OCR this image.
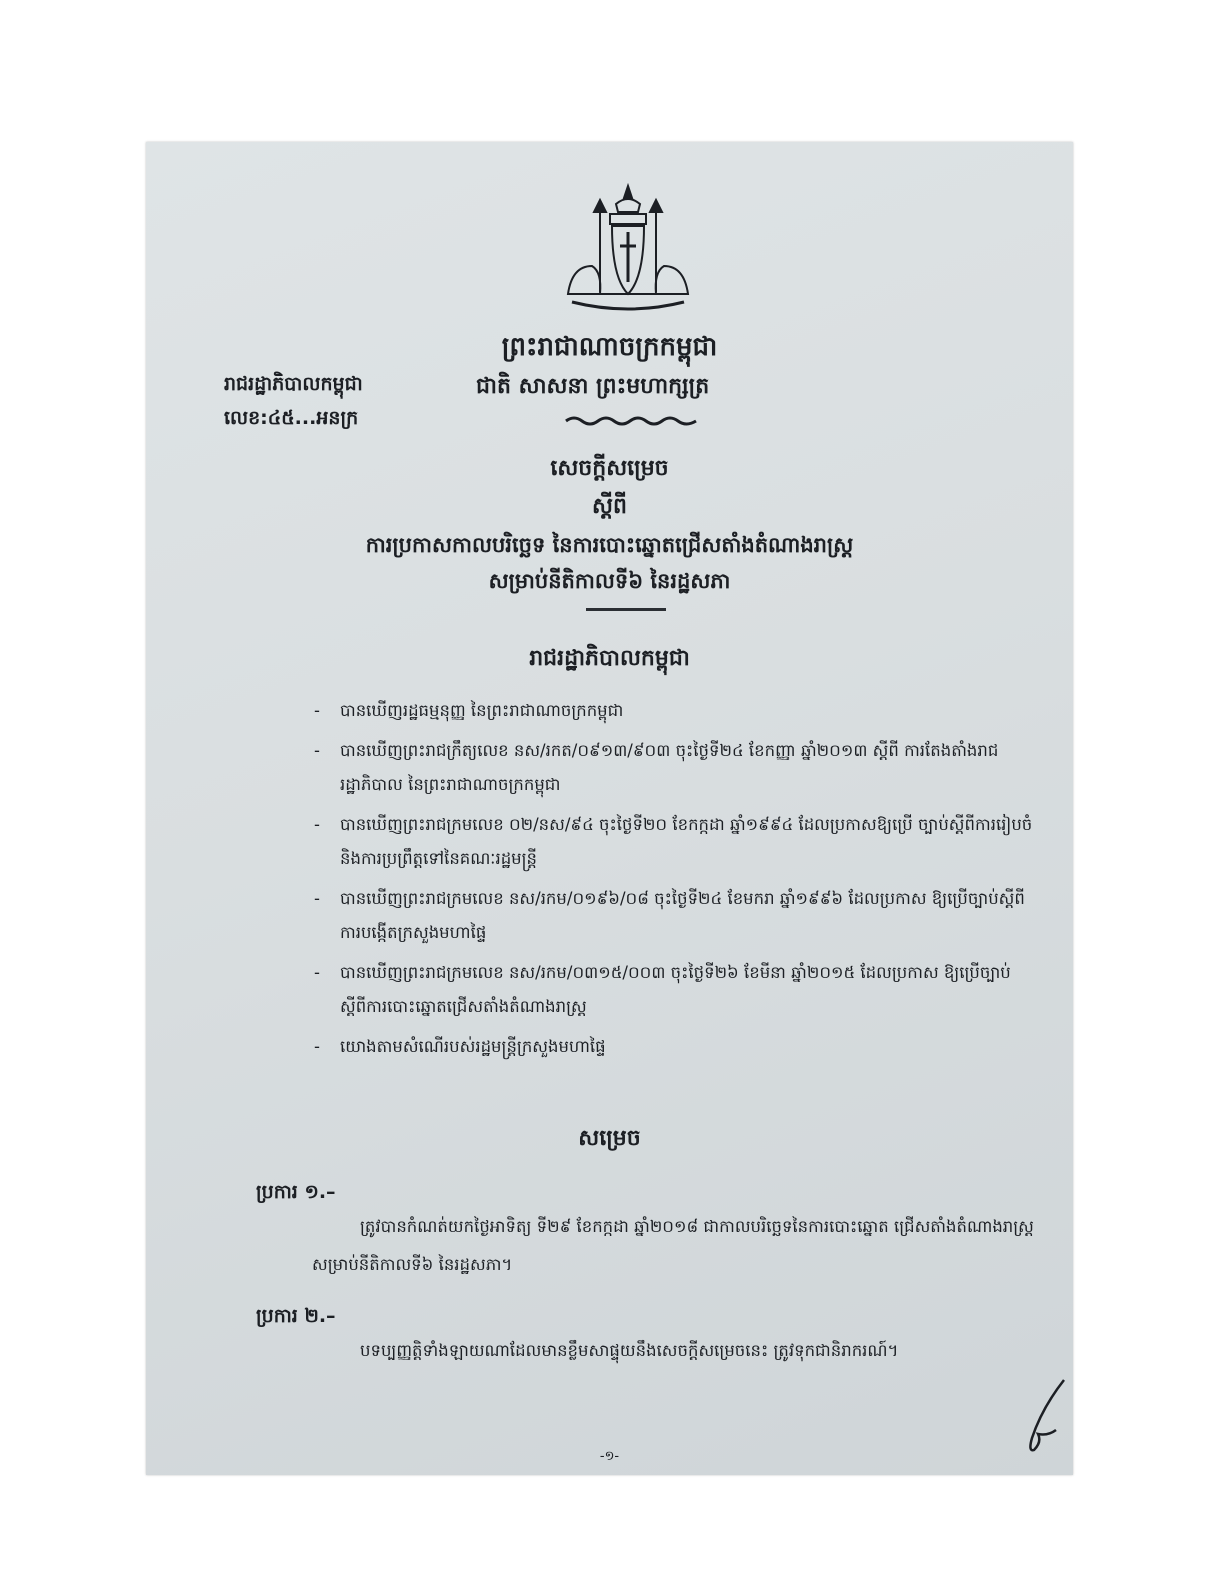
ព្រះរាជាណាចក្រកម្ពុជា
ជាតិ សាសនា ព្រះមហាក្សត្រ
រាជរដ្ឋាភិបាលកម្ពុជា
លេខ:៤៥...អនក្រ
សេចក្តីសម្រេច
ស្តីពី
ការប្រកាសកាលបរិច្ឆេទ នៃការបោះឆ្នោតជ្រើសតាំងតំណាងរាស្ត្រ
សម្រាប់នីតិកាលទី៦ នៃរដ្ឋសភា
រាជរដ្ឋាភិបាលកម្ពុជា
- បានឃើញរដ្ឋធម្មនុញ្ញ នៃព្រះរាជាណាចក្រកម្ពុជា
- បានឃើញព្រះរាជក្រឹត្យលេខ នស/រកត/០៩១៣/៩០៣ ចុះថ្ងៃទី២៤ ខែកញ្ញា ឆ្នាំ២០១៣ ស្តីពី ការតែងតាំងរាជរដ្ឋាភិបាល នៃព្រះរាជាណាចក្រកម្ពុជា
- បានឃើញព្រះរាជក្រមលេខ ០២/នស/៩៤ ចុះថ្ងៃទី២០ ខែកក្កដា ឆ្នាំ១៩៩៤ ដែលប្រកាសឱ្យប្រើ ច្បាប់ស្តីពីការរៀបចំ និងការប្រព្រឹត្តទៅនៃគណៈរដ្ឋមន្ត្រី
- បានឃើញព្រះរាជក្រមលេខ នស/រកម/០១៩៦/០៨ ចុះថ្ងៃទី២៤ ខែមករា ឆ្នាំ១៩៩៦ ដែលប្រកាស ឱ្យប្រើច្បាប់ស្តីពីការបង្កើតក្រសួងមហាផ្ទៃ
- បានឃើញព្រះរាជក្រមលេខ នស/រកម/០៣១៥/០០៣ ចុះថ្ងៃទី២៦ ខែមីនា ឆ្នាំ២០១៥ ដែលប្រកាស ឱ្យប្រើច្បាប់ស្តីពីការបោះឆ្នោតជ្រើសតាំងតំណាងរាស្ត្រ
- យោងតាមសំណើរបស់រដ្ឋមន្ត្រីក្រសួងមហាផ្ទៃ
សម្រេច
ប្រការ ១.–
ត្រូវបានកំណត់យកថ្ងៃអាទិត្យ ទី២៩ ខែកក្កដា ឆ្នាំ២០១៨ ជាកាលបរិច្ឆេទនៃការបោះឆ្នោត ជ្រើសតាំងតំណាងរាស្ត្រ សម្រាប់នីតិកាលទី៦ នៃរដ្ឋសភា។
ប្រការ ២.–
បទប្បញ្ញត្តិទាំងឡាយណាដែលមានខ្លឹមសាផ្ទុយនឹងសេចក្តីសម្រេចនេះ ត្រូវទុកជានិរាករណ៍។
-១-
